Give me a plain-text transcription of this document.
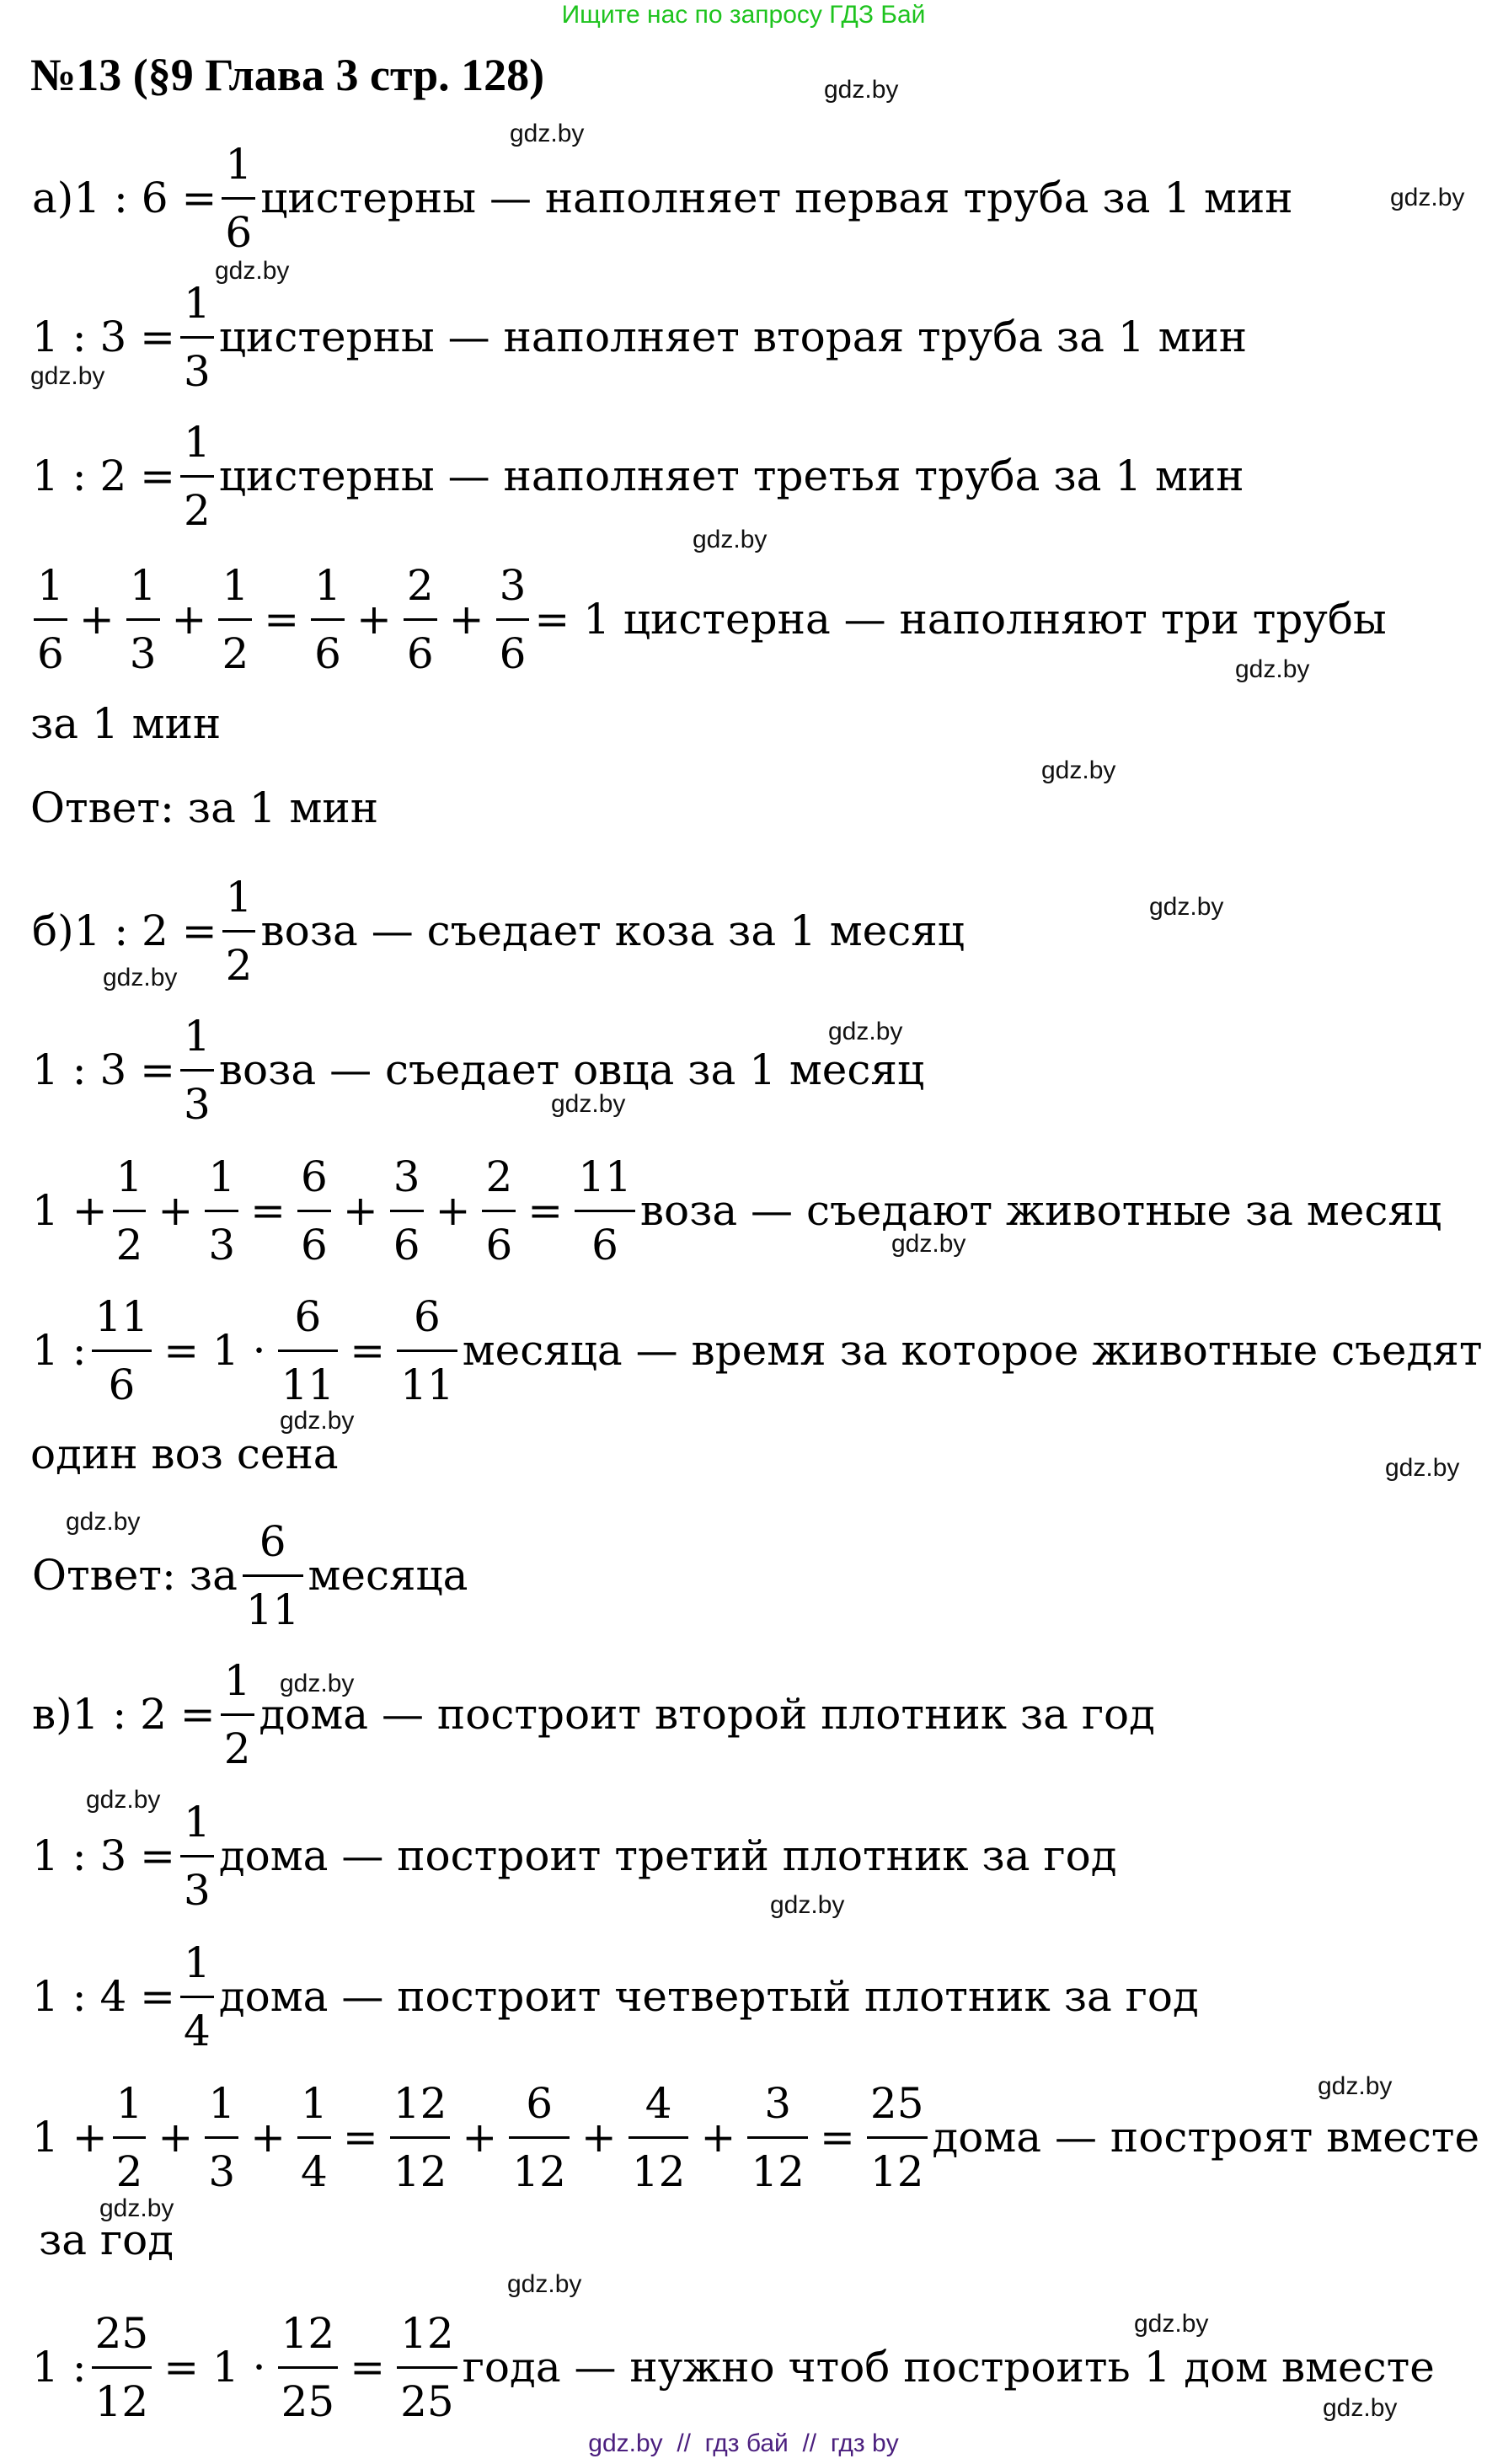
Ищите нас по запросу ГДЗ Бай
№13 (§9 Глава 3 стр. 128)
а)1 : $6 = \frac{1}{6}$ цистерны — наполняет первая труба за 1 мин
1 : $3 = \frac{1}{3}$ цистерны — наполняет вторая труба за 1 мин
1 : $2 = \frac{1}{2}$ цистерны — наполняет третья труба за 1 мин
$\frac{1}{6} + \frac{1}{3} + \frac{1}{2} = \frac{1}{6} + \frac{2}{6} + \frac{3}{6} = 1$ цистерна — наполняют три трубы
за 1 мин
Ответ: за 1 мин
б)1 : $2 = \frac{1}{2}$ воза — съедает коза за 1 месяц
1 : $3 = \frac{1}{3}$ воза — съедает овца за 1 месяц
$1 + \frac{1}{2} + \frac{1}{3} = \frac{6}{6} + \frac{3}{6} + \frac{2}{6} = \frac{11}{6}$ воза — съедают животные за месяц
1 : $\frac{11}{6} = 1 \cdot \frac{6}{11} = \frac{6}{11}$ месяца — время за которое животные съедят
один воз сена
Ответ: за $\frac{6}{11}$ месяца
в)1 : $2 = \frac{1}{2}$ дома — построит второй плотник за год
1 : $3 = \frac{1}{3}$ дома — построит третий плотник за год
1 : $4 = \frac{1}{4}$ дома — построит четвертый плотник за год
$1 + \frac{1}{2} + \frac{1}{3} + \frac{1}{4} = \frac{12}{12} + \frac{6}{12} + \frac{4}{12} + \frac{3}{12} = \frac{25}{12}$ дома — построят вместе
за год
1 : $\frac{25}{12} = 1 \cdot \frac{12}{25} = \frac{12}{25}$ года — нужно чтоб построить 1 дом вместе
gdz.by
gdz.by
gdz.by
gdz.by
gdz.by
gdz.by
gdz.by
gdz.by
gdz.by
gdz.by
gdz.by
gdz.by
gdz.by
gdz.by
gdz.by
gdz.by
gdz.by
gdz.by
gdz.by
gdz.by
gdz.by
gdz.by
gdz.by
gdz.by
gdz.by  //  гдз бай  //  гдз by
